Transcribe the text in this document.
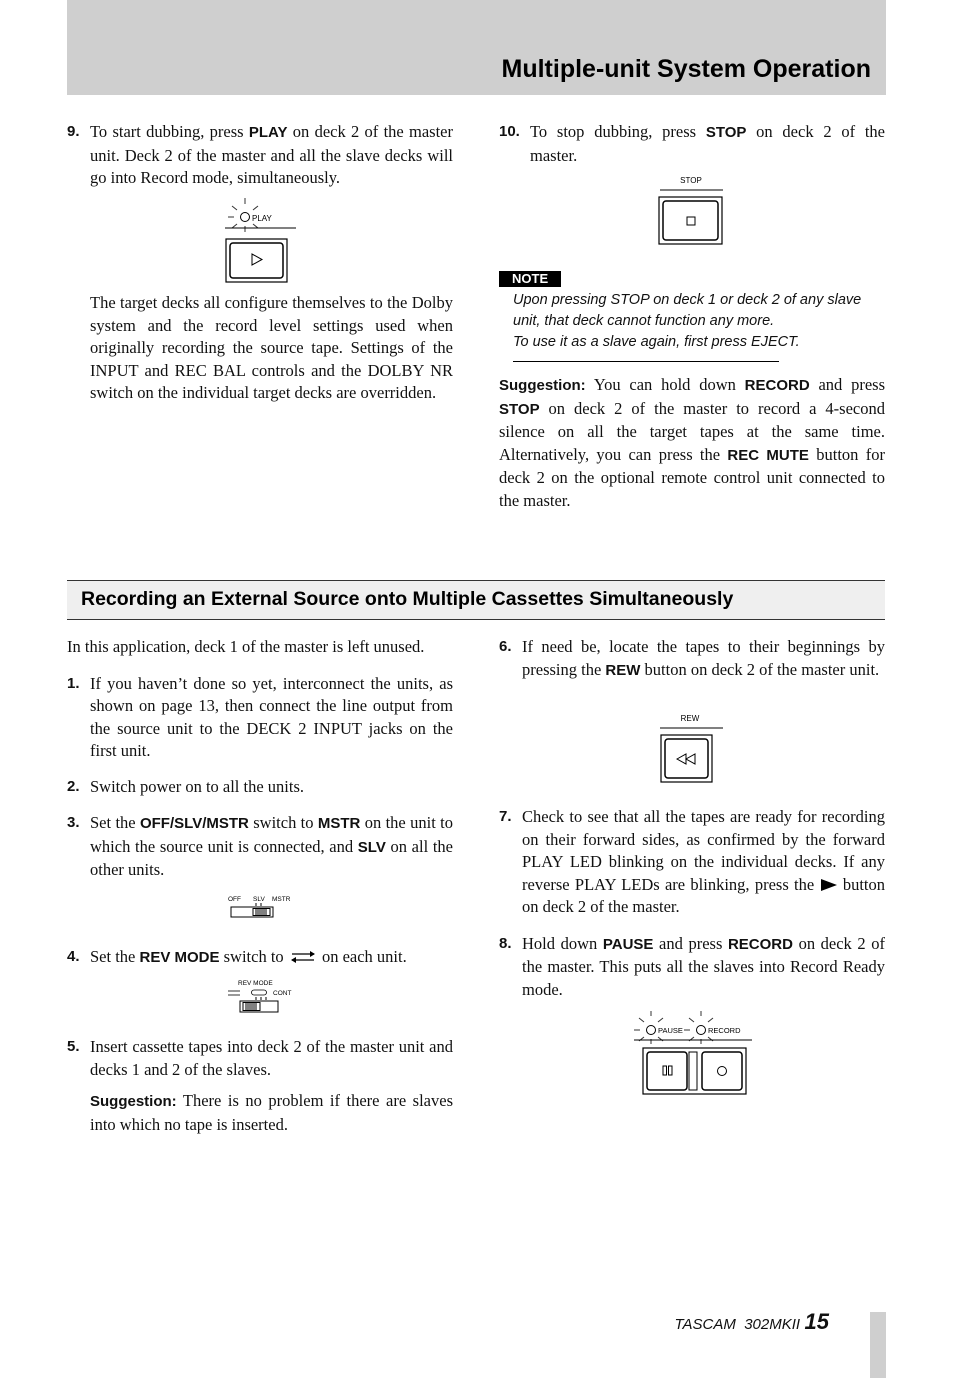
Multiple-unit System Operation
9. To start dubbing, press PLAY on deck 2 of the master unit. Deck 2 of the master and all the slave decks will go into Record mode, simultaneously.
PLAY

The target decks all configure themselves to the Dolby system and the record level settings used when originally recording the source tape. Settings of the INPUT and REC BAL controls and the DOLBY NR switch on the individual target decks are overridden.

10. To stop dubbing, press STOP on deck 2 of the master.
STOP
NOTE
Upon pressing STOP on deck 1 or deck 2 of any slave unit, that deck cannot function any more.
To use it as a slave again, first press EJECT.

Suggestion: You can hold down RECORD and press STOP on deck 2 of the master to record a 4-second silence on all the target tapes at the same time. Alternatively, you can press the REC MUTE button for deck 2 on the optional remote control unit connected to the master.

Recording an External Source onto Multiple Cassettes Simultaneously

In this application, deck 1 of the master is left unused.

1. If you haven’t done so yet, interconnect the units, as shown on page 13, then connect the line output from the source unit to the DECK 2 INPUT jacks on the first unit.
2. Switch power on to all the units.
3. Set the OFF/SLV/MSTR switch to MSTR on the unit to which the source unit is connected, and SLV on all the other units.
OFF SLV MSTR
4. Set the REV MODE switch to  on each unit.
REV MODE
CONT
5. Insert cassette tapes into deck 2 of the master unit and decks 1 and 2 of the slaves.

Suggestion: There is no problem if there are slaves into which no tape is inserted.

6. If need be, locate the tapes to their beginnings by pressing the REW button on deck 2 of the master unit.
REW
7. Check to see that all the tapes are ready for recording on their forward sides, as confirmed by the forward PLAY LED blinking on the individual decks. If any reverse PLAY LEDs are blinking, press the  button on deck 2 of the master.
8. Hold down PAUSE and press RECORD on deck 2 of the master. This puts all the slaves into Record Ready mode.
PAUSE	RECORD
TASCAM  302MKII 15
